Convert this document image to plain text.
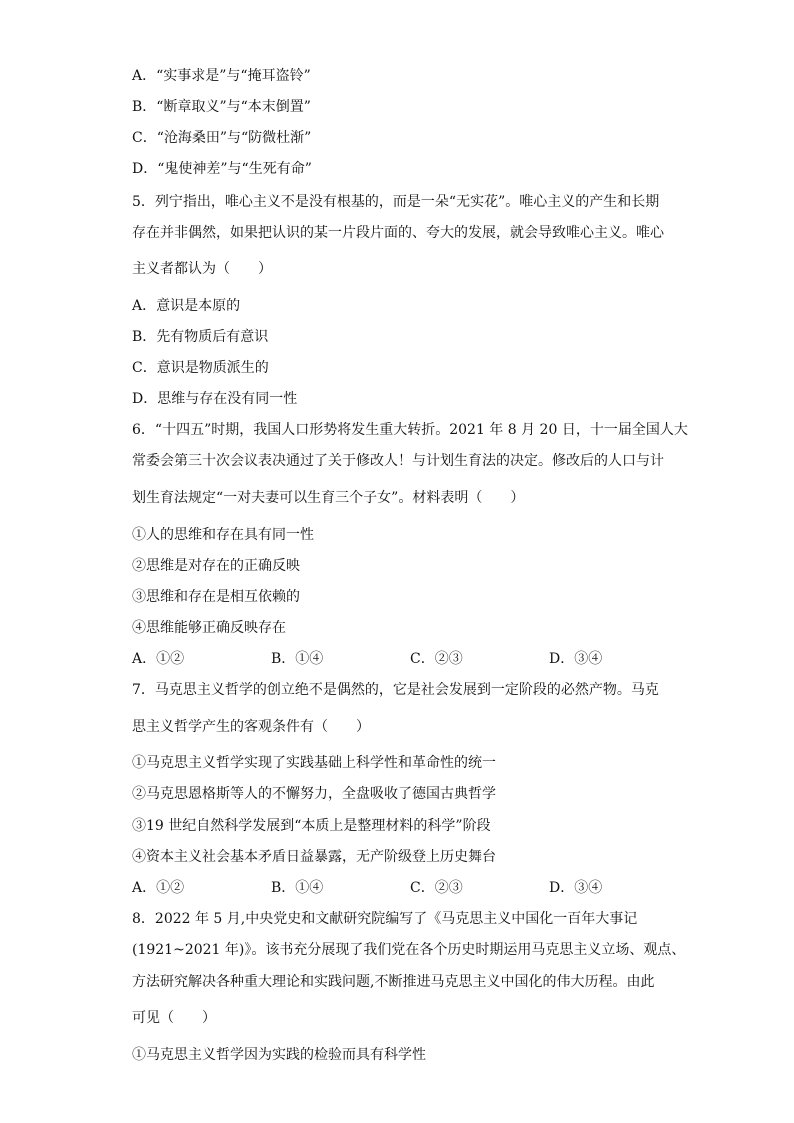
A．“实事求是”与“掩耳盗铃”
B．“断章取义”与“本末倒置”
C．“沧海桑田”与“防微杜渐”
D．“鬼使神差”与“生死有命”
5．列宁指出，唯心主义不是没有根基的，而是一朵“无实花”。唯心主义的产生和长期
存在并非偶然，如果把认识的某一片段片面的、夸大的发展，就会导致唯心主义。唯心
主义者都认为（　　）
A．意识是本原的
B．先有物质后有意识
C．意识是物质派生的
D．思维与存在没有同一性
6．“十四五”时期，我国人口形势将发生重大转折。2021 年 8 月 20 日，十一届全国人大
常委会第三十次会议表决通过了关于修改人！与计划生育法的决定。修改后的人口与计
划生育法规定“一对夫妻可以生育三个子女”。材料表明（　　）
①人的思维和存在具有同一性
②思维是对存在的正确反映
③思维和存在是相互依赖的
④思维能够正确反映存在
A．①②	B．①④	C．②③	D．③④
7．马克思主义哲学的创立绝不是偶然的，它是社会发展到一定阶段的必然产物。马克
思主义哲学产生的客观条件有（　　）
①马克思主义哲学实现了实践基础上科学性和革命性的统一
②马克思恩格斯等人的不懈努力，全盘吸收了德国古典哲学
③19 世纪自然科学发展到“本质上是整理材料的科学”阶段
④资本主义社会基本矛盾日益暴露，无产阶级登上历史舞台
A．①②	B．①④	C．②③	D．③④
8．2022 年 5 月,中央党史和文献研究院编写了《马克思主义中国化一百年大事记
(1921~2021 年)》。该书充分展现了我们党在各个历史时期运用马克思主义立场、观点、
方法研究解决各种重大理论和实践问题,不断推进马克思主义中国化的伟大历程。由此
可见（　　）
①马克思主义哲学因为实践的检验而具有科学性
